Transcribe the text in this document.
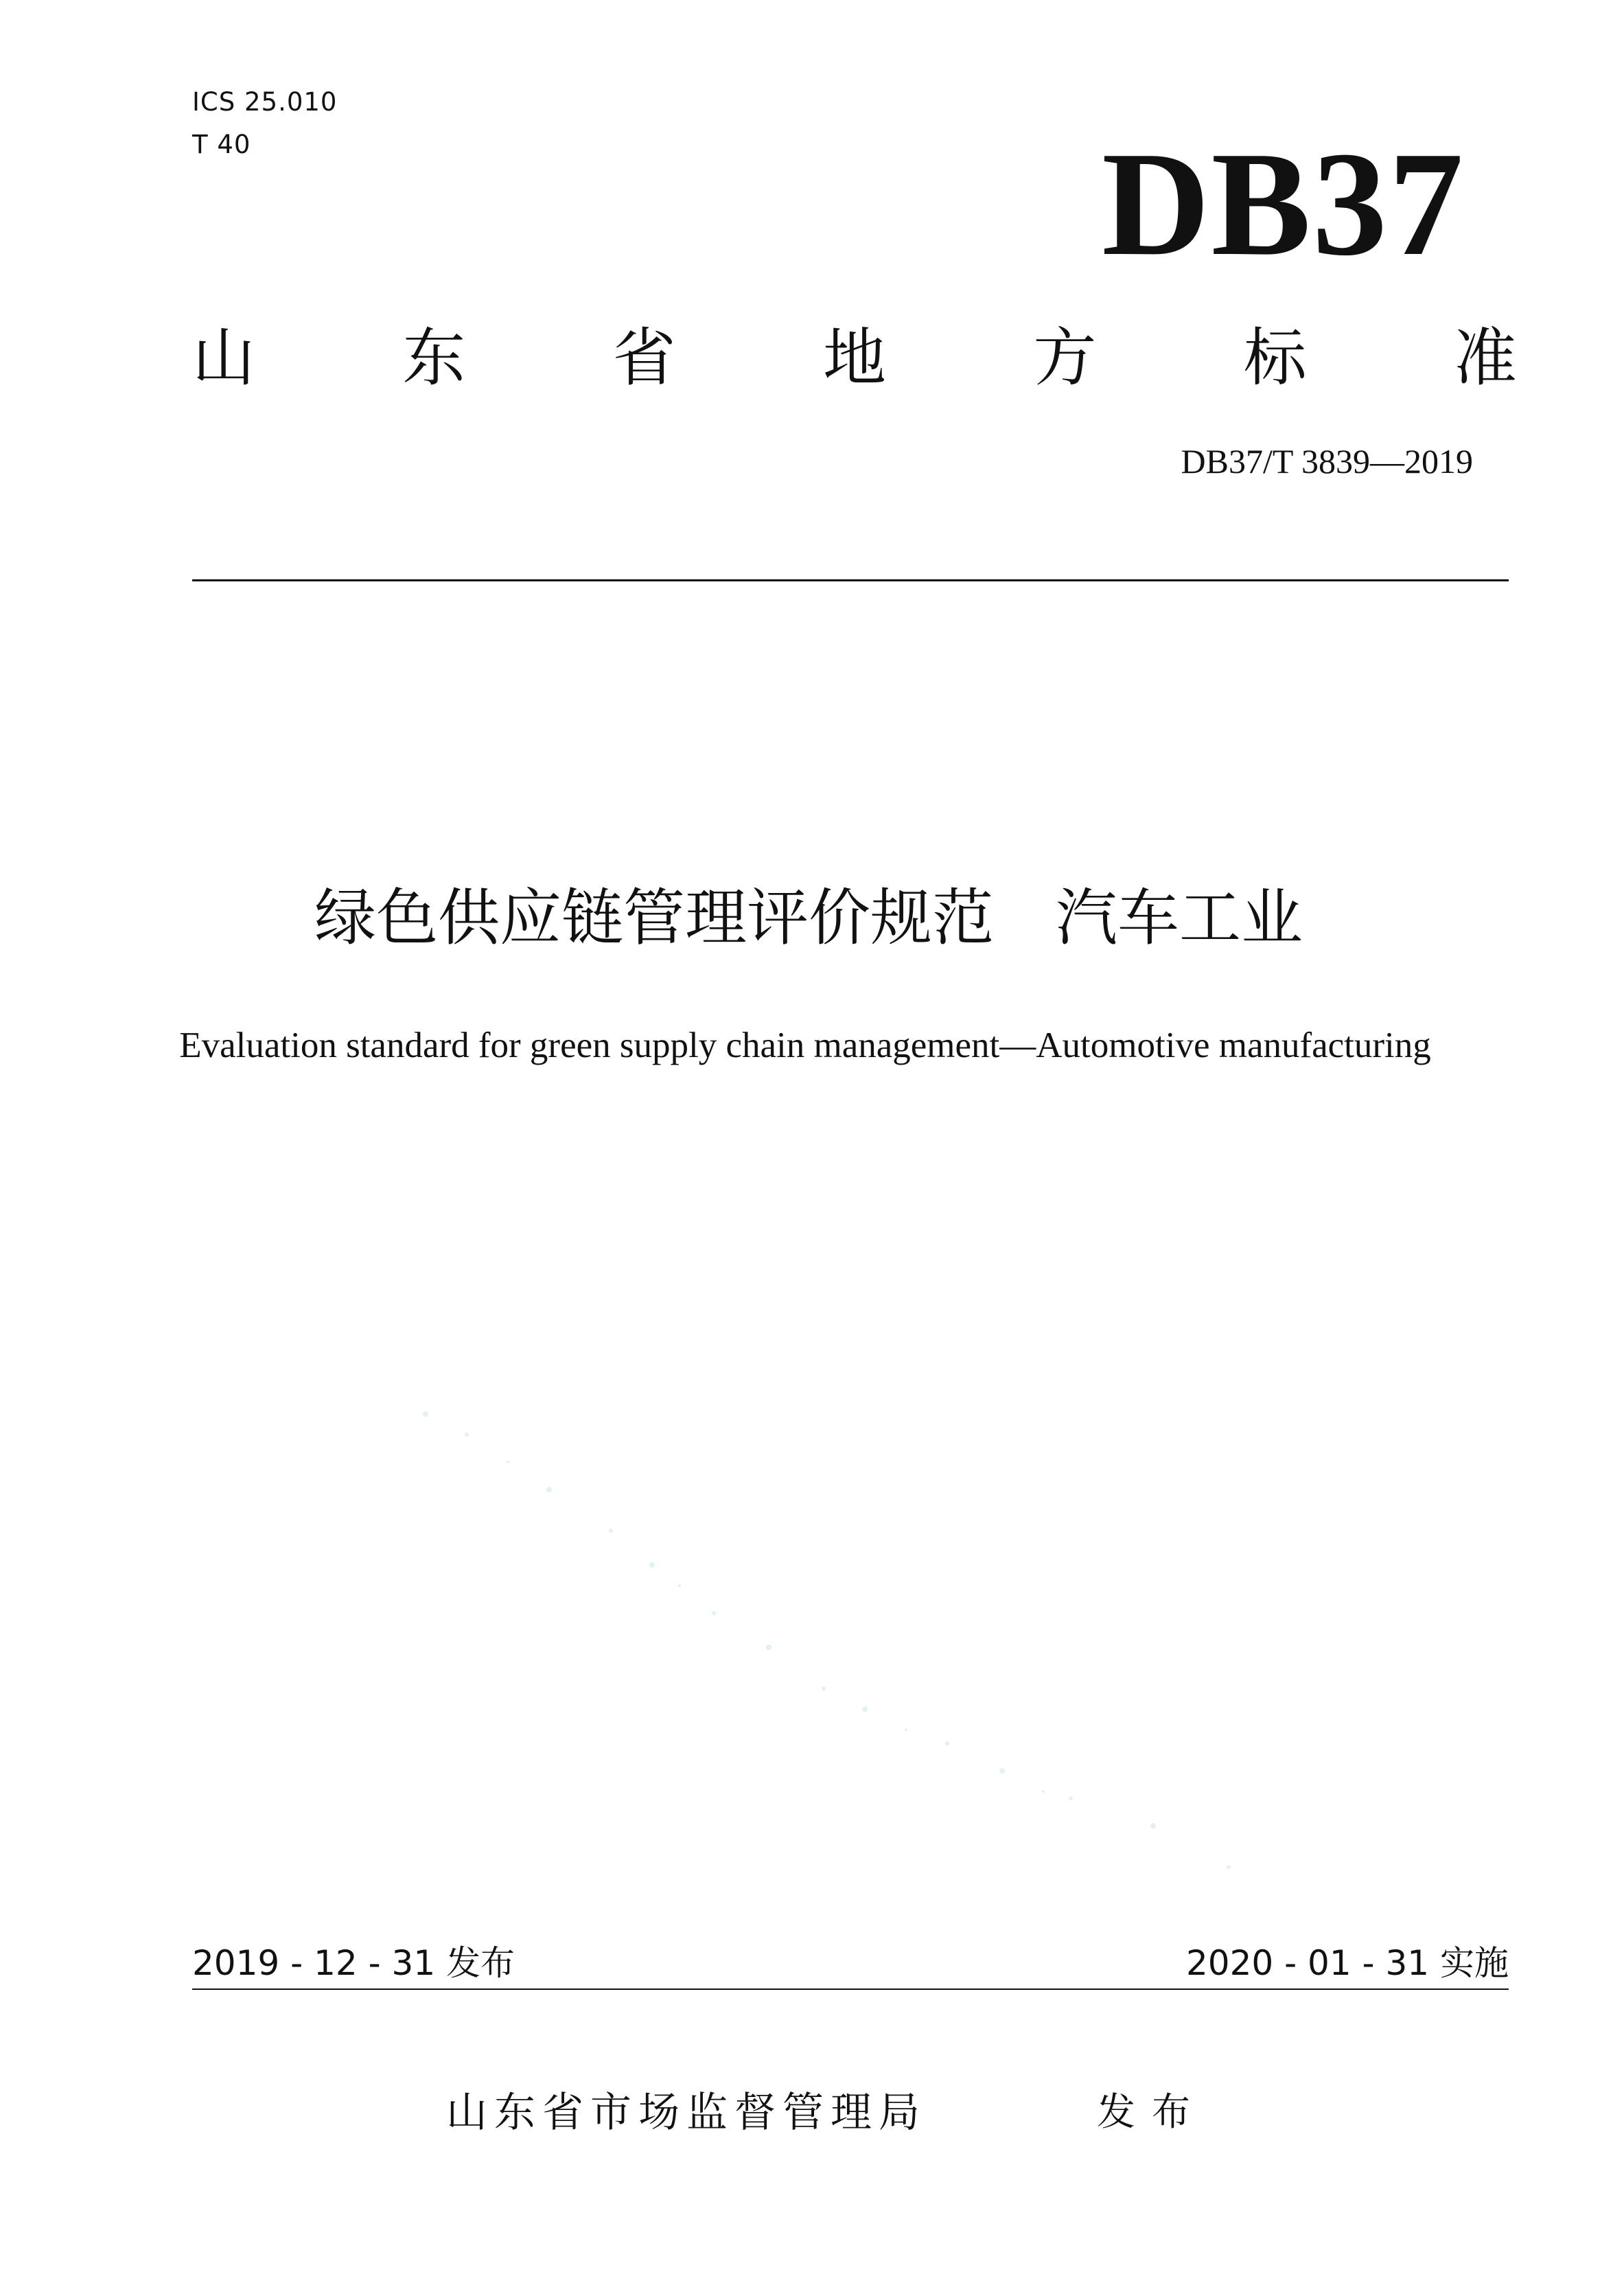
ICS 25.010
T 40	DB37
山 东 省 地 方 标 准
DB37/T 3839—2019
绿色供应链管理评价规范　汽车工业
Evaluation standard for green supply chain management—Automotive manufacturing
2019 - 12 - 31 发布	2020 - 01 - 31 实施
山东省市场监督管理局	发布
